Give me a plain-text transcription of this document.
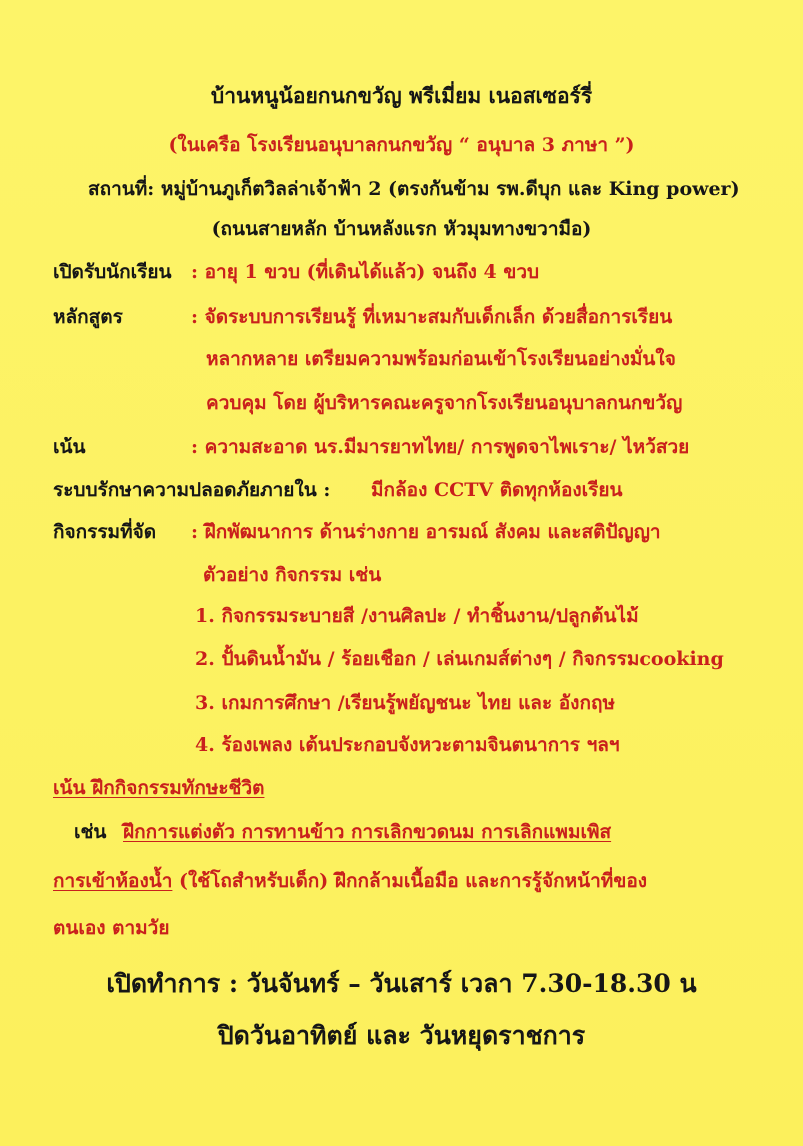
บ้านหนูน้อยกนกขวัญ พรีเมี่ยม เนอสเซอร์รี่
(ในเครือ โรงเรียนอนุบาลกนกขวัญ “ อนุบาล 3 ภาษา ”)
สถานที่: หมู่บ้านภูเก็ตวิลล่าเจ้าฟ้า 2 (ตรงกันข้าม รพ.ดีบุก และ King power)
(ถนนสายหลัก บ้านหลังแรก หัวมุมทางขวามือ)
เปิดรับนักเรียน : อายุ 1 ขวบ (ที่เดินได้แล้ว) จนถึง 4 ขวบ
หลักสูตร	: จัดระบบการเรียนรู้ ที่เหมาะสมกับเด็กเล็ก ด้วยสื่อการเรียน
หลากหลาย เตรียมความพร้อมก่อนเข้าโรงเรียนอย่างมั่นใจ
ควบคุม โดย ผู้บริหารคณะครูจากโรงเรียนอนุบาลกนกขวัญ
เน้น	: ความสะอาด นร.มีมารยาทไทย/ การพูดจาไพเราะ/ ไหว้สวย
ระบบรักษาความปลอดภัยภายใน : มีกล้อง CCTV ติดทุกห้องเรียน
กิจกรรมที่จัด : ฝึกพัฒนาการ ด้านร่างกาย อารมณ์ สังคม และสติปัญญา
ตัวอย่าง กิจกรรม เช่น
1. กิจกรรมระบายสี /งานศิลปะ / ทำชิ้นงาน/ปลูกต้นไม้
2. ปั้นดินน้ำมัน / ร้อยเชือก / เล่นเกมส์ต่างๆ / กิจกรรมcooking
3. เกมการศึกษา /เรียนรู้พยัญชนะ ไทย และ อังกฤษ
4. ร้องเพลง เต้นประกอบจังหวะตามจินตนาการ ฯลฯ
เน้น ฝึกกิจกรรมทักษะชีวิต
เช่น ฝึกการแต่งตัว การทานข้าว การเลิกขวดนม การเลิกแพมเพิส
การเข้าห้องน้ำ (ใช้โถสำหรับเด็ก) ฝึกกล้ามเนื้อมือ และการรู้จักหน้าที่ของ
ตนเอง ตามวัย
เปิดทำการ : วันจันทร์ – วันเสาร์ เวลา 7.30-18.30 น
ปิดวันอาทิตย์ และ วันหยุดราชการ
